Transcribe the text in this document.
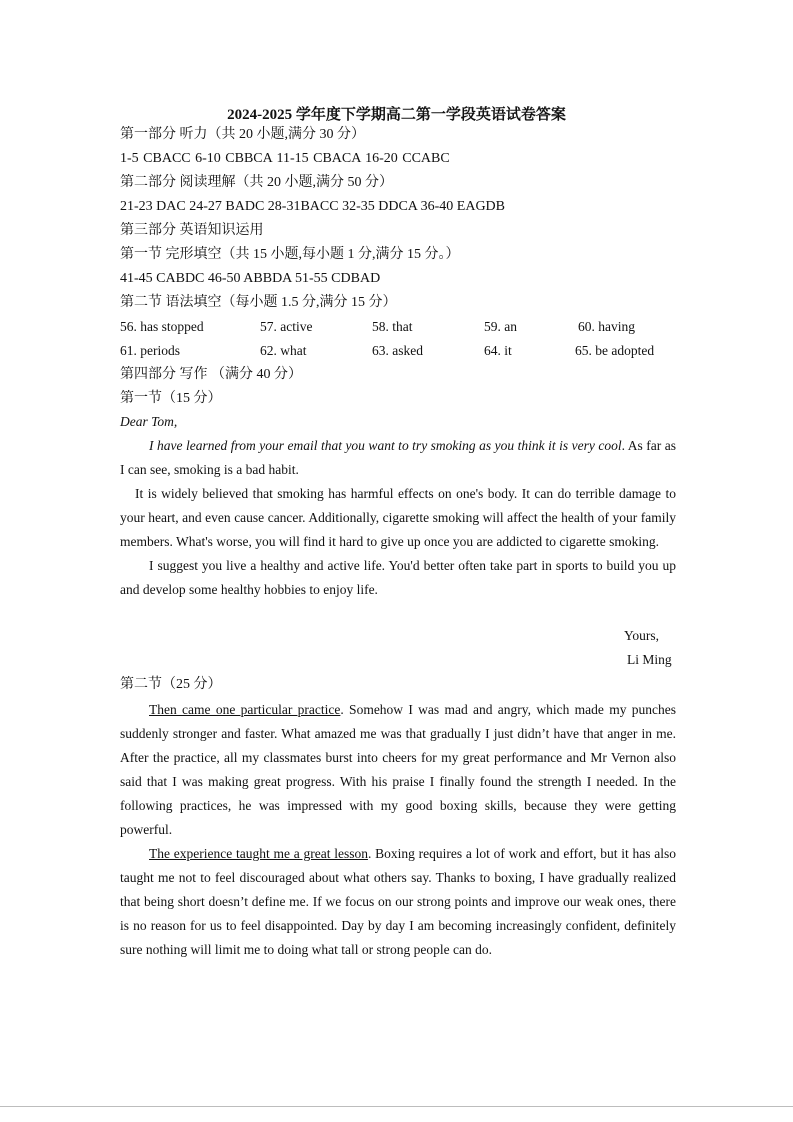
2024-2025 学年度下学期高二第一学段英语试卷答案
第一部分 听力（共 20 小题,满分 30 分）
1-5 CBACC 6-10 CBBCA 11-15 CBACA 16-20 CCABC
第二部分 阅读理解（共 20 小题,满分 50 分）
21-23 DAC 24-27 BADC 28-31BACC 32-35 DDCA 36-40 EAGDB
第三部分 英语知识运用
第一节 完形填空（共 15 小题,每小题 1 分,满分 15 分。）
41-45 CABDC 46-50 ABBDA 51-55 CDBAD
第二节 语法填空（每小题 1.5 分,满分 15 分）
56. has stopped	57. active	58. that	59. an	60. having
61. periods	62. what	63. asked	64. it	65. be adopted
第四部分 写作 （满分 40 分）
第一节（15 分）
Dear Tom,

I have learned from your email that you want to try smoking as you think it is very cool. As far as I can see, smoking is a bad habit.

It is widely believed that smoking has harmful effects on one's body. It can do terrible damage to your heart, and even cause cancer. Additionally, cigarette smoking will affect the health of your family members. What's worse, you will find it hard to give up once you are addicted to cigarette smoking.

I suggest you live a healthy and active life. You'd better often take part in sports to build you up and develop some healthy hobbies to enjoy life.

Yours,
Li Ming
第二节（25 分）

Then came one particular practice. Somehow I was mad and angry, which made my punches suddenly stronger and faster. What amazed me was that gradually I just didn’t have that anger in me. After the practice, all my classmates burst into cheers for my great performance and Mr Vernon also said that I was making great progress. With his praise I finally found the strength I needed. In the following practices, he was impressed with my good boxing skills, because they were getting powerful.

The experience taught me a great lesson. Boxing requires a lot of work and effort, but it has also taught me not to feel discouraged about what others say. Thanks to boxing, I have gradually realized that being short doesn’t define me. If we focus on our strong points and improve our weak ones, there is no reason for us to feel disappointed. Day by day I am becoming increasingly confident, definitely sure nothing will limit me to doing what tall or strong people can do.
